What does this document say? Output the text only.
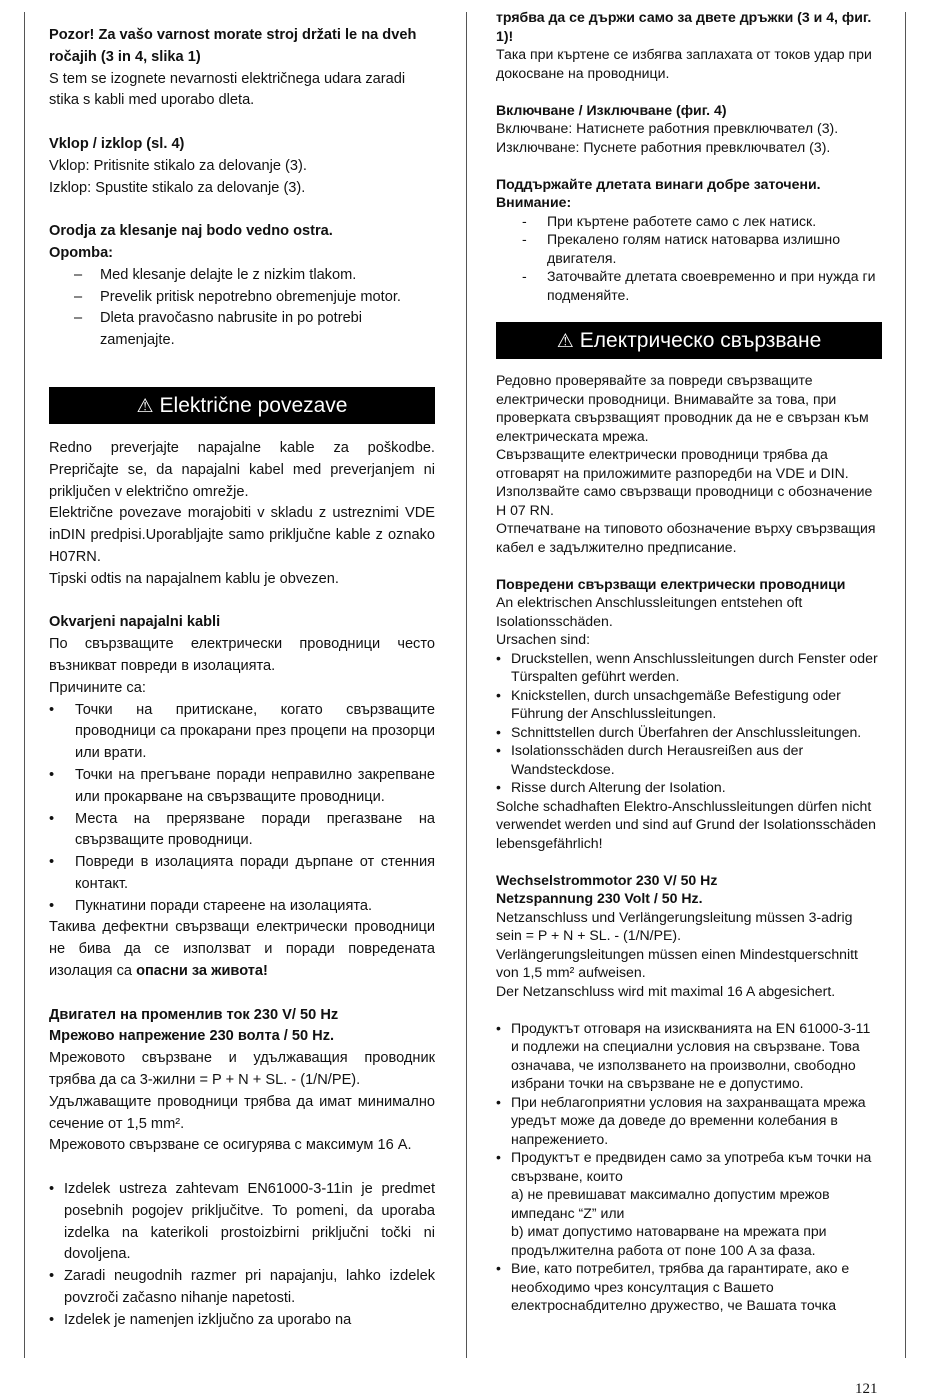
Pozor! Za vašo varnost morate stroj držati le na dveh ročajih (3 in 4, slika 1)

S tem se izognete nevarnosti električnega udara zaradi stika s kabli med uporabo dleta.

Vklop / izklop (sl. 4)

Vklop: Pritisnite stikalo za delovanje (3).

Izklop: Spustite stikalo za delovanje (3).

Orodja za klesanje naj bodo vedno ostra.

Opomba:

– Med klesanje delajte le z nizkim tlakom.
– Prevelik pritisk nepotrebno obremenjuje motor.
– Dleta pravočasno nabrusite in po potrebi zamenjajte.
⚠ Električne povezave

Redno preverjajte napajalne kable za poškodbe. Prepričajte se, da napajalni kabel med preverjanjem ni priključen v električno omrežje.

Električne povezave morajobiti v skladu z ustreznimi VDE inDIN predpisi.Uporabljajte samo priključne kable z oznako H07RN.

Tipski odtis na napajalnem kablu je obvezen.

Okvarjeni napajalni kabli

По свързващите електрически проводници често възникват повреди в изолацията.

Причините са:

• Точки на притискане, когато свързващите проводници са прокарани през процепи на прозорци или врати.
• Точки на прегъване поради неправилно закрепване или прокарване на свързващите проводници.
• Места на прерязване поради прегазване на свързващите проводници.
• Повреди в изолацията поради дърпане от стенния контакт.
• Пукнатини поради стареене на изолацията.

Такива дефектни свързващи електрически проводници не бива да се използват и поради повредената изолация са опасни за живота!

Двигател на променлив ток 230 V/ 50 Hz

Мрежово напрежение 230 волта / 50 Hz.

Мрежовото свързване и удължаващия проводник трябва да са 3-жилни = P + N + SL. - (1/N/PE).

Удължаващите проводници трябва да имат минимално сечение от 1,5 mm².

Мрежовото свързване се осигурява с максимум 16 A.

• Izdelek ustreza zahtevam EN61000-3-11in je predmet posebnih pogojev priključitve. To pomeni, da uporaba izdelka na katerikoli prostoizbirni priključni točki ni dovoljena.
• Zaradi neugodnih razmer pri napajanju, lahko izdelek povzroči začasno nihanje napetosti.
• Izdelek je namenjen izključno za uporabo na

трябва да се държи само за двете дръжки (3 и 4, фиг. 1)!

Така при къртене се избягва заплахата от токов удар при докосване на проводници.

Включване / Изключване (фиг. 4)

Включване: Натиснете работния превключвател (3).

Изключване: Пуснете работния превключвател (3).

Поддържайте длетата винаги добре заточени.

Внимание:

- При къртене работете само с лек натиск.
- Прекалено голям натиск натоварва излишно двигателя.
- Заточвайте длетата своевременно и при нужда ги подменяйте.
⚠ Електрическо свързване

Редовно проверявайте за повреди свързващите електрически проводници. Внимавайте за това, при проверката свързващият проводник да не е свързан към електрическата мрежа.

Свързващите електрически проводници трябва да отговарят на приложимите разпоредби на VDE и DIN. Използвайте само свързващи проводници с обозначение H 07 RN.

Отпечатване на типовото обозначение върху свързващия кабел е задължително предписание.

Повредени свързващи електрически проводници

An elektrischen Anschlussleitungen entstehen oft Isolationsschäden.

Ursachen sind:

• Druckstellen, wenn Anschlussleitungen durch Fenster oder Türspalten geführt werden.
• Knickstellen, durch unsachgemäße Befestigung oder Führung der Anschlussleitungen.
• Schnittstellen durch Überfahren der Anschlussleitungen.
• Isolationsschäden durch Herausreißen aus der Wandsteckdose.
• Risse durch Alterung der Isolation.

Solche schadhaften Elektro-Anschlussleitungen dürfen nicht verwendet werden und sind auf Grund der Isolationsschäden lebensgefährlich!

Wechselstrommotor 230 V/ 50 Hz

Netzspannung 230 Volt / 50 Hz.

Netzanschluss und Verlängerungsleitung müssen 3-adrig sein = P + N + SL. - (1/N/PE).

Verlängerungsleitungen müssen einen Mindestquerschnitt von 1,5 mm² aufweisen.

Der Netzanschluss wird mit maximal 16 A abgesichert.

• Продуктът отговаря на изискванията на EN 61000-3-11 и подлежи на специални условия на свързване. Това означава, че използването на произволни, свободно избрани точки на свързване не е допустимо.
• При неблагоприятни условия на захранващата мрежа уредът може да доведе до временни колебания в напрежението.
• Продуктът е предвиден само за употреба към точки на свързване, които
a) не превишават максимално допустим мрежов импеданс “Z” или
b) имат допустимо натоварване на мрежата при продължителна работа от поне 100 A за фаза.
• Вие, като потребител, трябва да гарантирате, ако е необходимо чрез консултация с Вашето електроснабдително дружество, че Вашата точка
121
